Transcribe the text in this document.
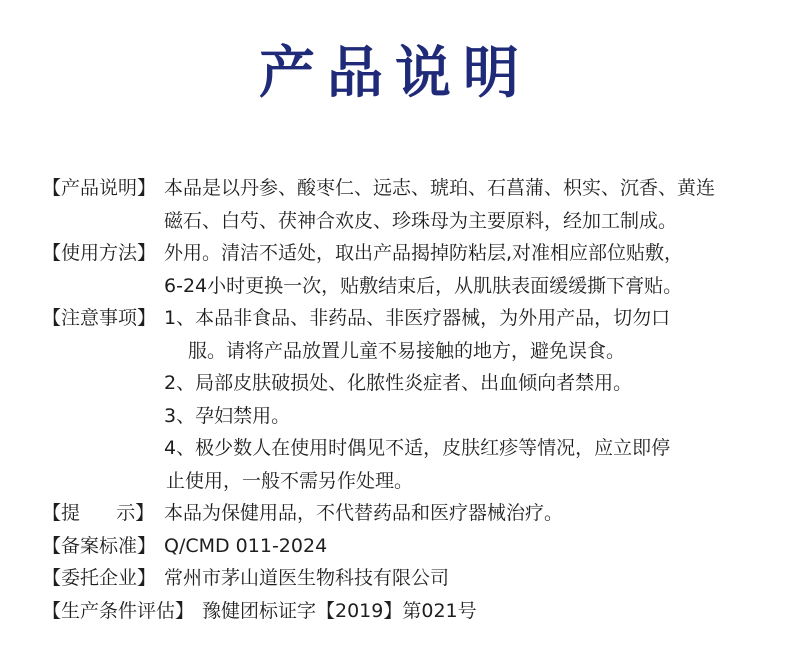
产品说明
【产品说明】 本品是以丹参、酸枣仁、远志、琥珀、石菖蒲、枳实、沉香、黄连
磁石、白芍、茯神合欢皮、珍珠母为主要原料，经加工制成。
【使用方法】 外用。清洁不适处，取出产品揭掉防粘层,对准相应部位贴敷，
6-24小时更换一次，贴敷结束后，从肌肤表面缓缓撕下膏贴。
【注意事项】 1、本品非食品、非药品、非医疗器械，为外用产品，切勿口
服。请将产品放置儿童不易接触的地方，避免误食。
2、局部皮肤破损处、化脓性炎症者、出血倾向者禁用。
3、孕妇禁用。
4、极少数人在使用时偶见不适，皮肤红疹等情况，应立即停
止使用，一般不需另作处理。
【提      示】 本品为保健用品，不代替药品和医疗器械治疗。
【备案标准】 Q/CMD 011-2024
【委托企业】 常州市茅山道医生物科技有限公司
【生产条件评估】 豫健团标证字【2019】第021号
